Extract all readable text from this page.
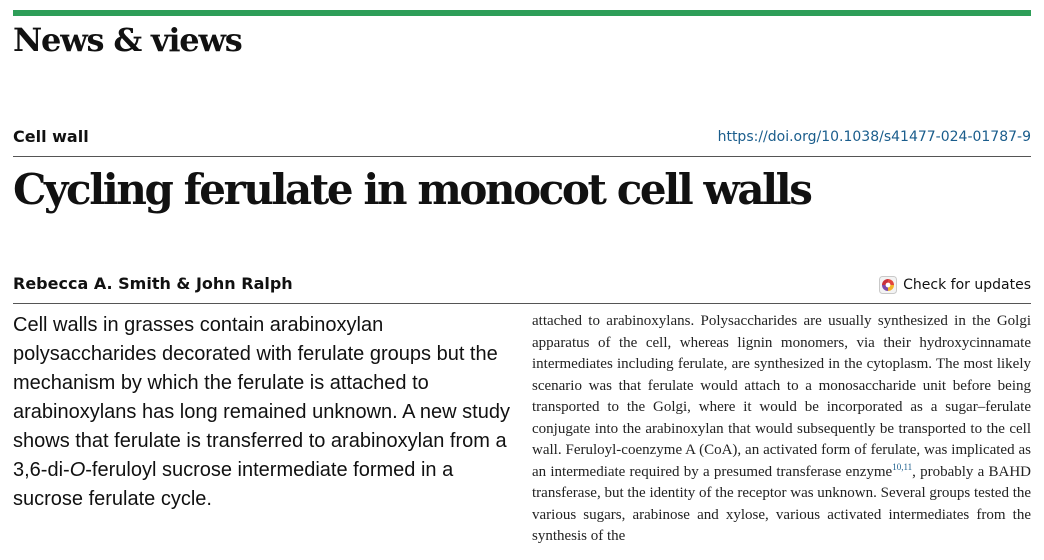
News & views
Cell wall	https://doi.org/10.1038/s41477-024-01787-9
Cycling ferulate in monocot cell walls
Rebecca A. Smith & John Ralph	Check for updates

Cell walls in grasses contain arabinoxylan polysaccharides decorated with ferulate groups but the mechanism by which the ferulate is attached to arabinoxylans has long remained unknown. A new study shows that ferulate is transferred to arabinoxylan from a 3,6-di-O-feruloyl sucrose intermediate formed in a sucrose ferulate cycle.

attached to arabinoxylans. Polysaccharides are usually synthesized in the Golgi apparatus of the cell, whereas lignin monomers, via their hydroxycinnamate intermediates including ferulate, are synthesized in the cytoplasm. The most likely scenario was that ferulate would attach to a monosaccharide unit before being transported to the Golgi, where it would be incorporated as a sugar–ferulate conjugate into the arabinoxylan that would subsequently be transported to the cell wall. Feruloyl-coenzyme A (CoA), an activated form of ferulate, was implicated as an intermediate required by a presumed transferase enzyme$^{10,11}$, probably a BAHD transferase, but the identity of the receptor was unknown. Several groups tested the various sugars, arabinose and xylose, various activated intermediates from the synthesis of the
